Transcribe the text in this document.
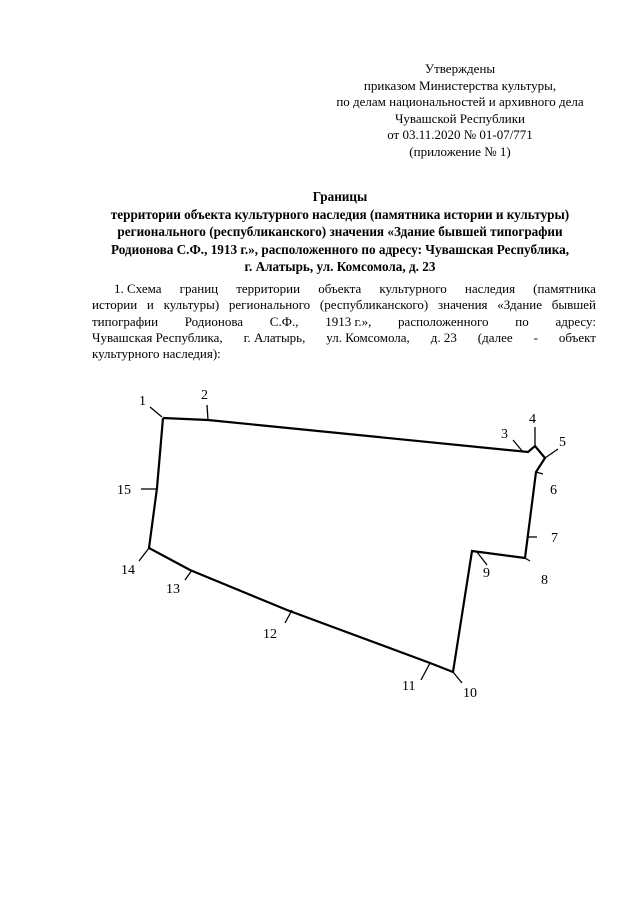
Утверждены
приказом Министерства культуры,
по делам национальностей и архивного дела
Чувашской Республики
от 03.11.2020 № 01-07/771
(приложение № 1)
Границы
территории объекта культурного наследия (памятника истории и культуры)
регионального (республиканского) значения «Здание бывшей типографии
Родионова С.Ф., 1913 г.», расположенного по адресу: Чувашская Республика,
г. Алатырь, ул. Комсомола, д. 23
1. Схема границ территории объекта культурного наследия (памятника
истории и культуры) регионального (республиканского) значения «Здание бывшей
типографии Родионова С.Ф., 1913 г.», расположенного по адресу:
Чувашская Республика, г. Алатырь, ул. Комсомола, д. 23 (далее - объект
культурного наследия):
1	2
3
4
5
6
7
8
9
10
11
12
13
14
15
